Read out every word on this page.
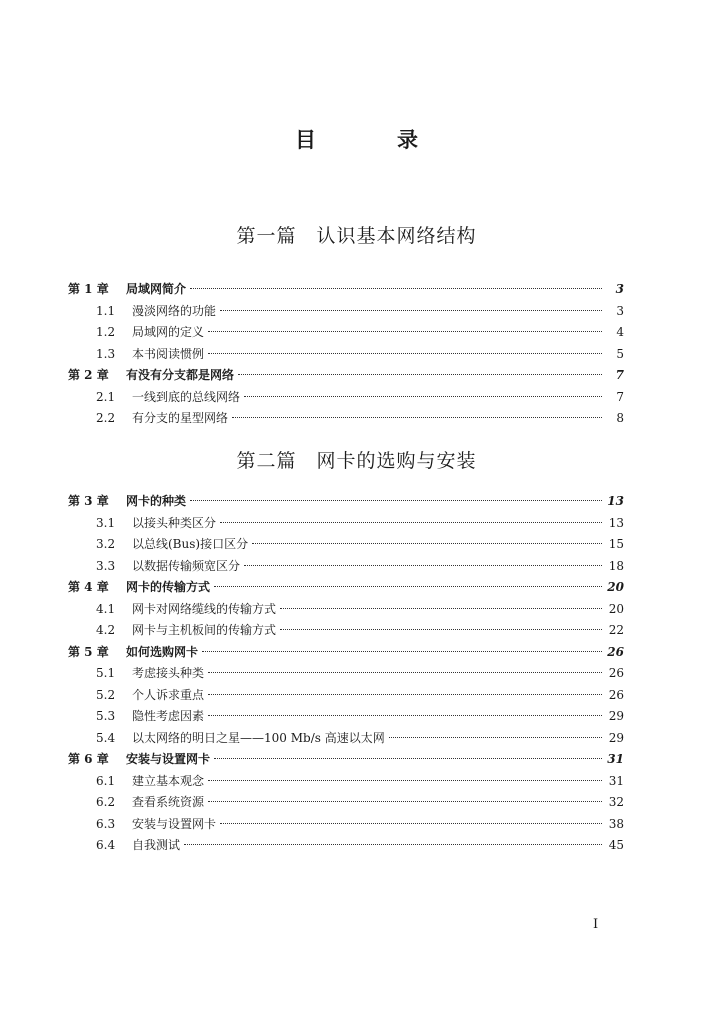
目　录
第一篇　认识基本网络结构
第 1 章	局域网简介	3
1.1	漫淡网络的功能	3
1.2	局域网的定义	4
1.3	本书阅读惯例	5
第 2 章	有没有分支都是网络	7
2.1	一线到底的总线网络	7
2.2	有分支的星型网络	8
第二篇　网卡的选购与安装
第 3 章	网卡的种类	13
3.1	以接头种类区分	13
3.2	以总线(Bus)接口区分	15
3.3	以数据传输频宽区分	18
第 4 章	网卡的传输方式	20
4.1	网卡对网络缆线的传输方式	20
4.2	网卡与主机板间的传输方式	22
第 5 章	如何选购网卡	26
5.1	考虑接头种类	26
5.2	个人诉求重点	26
5.3	隐性考虑因素	29
5.4	以太网络的明日之星——100 Mb/s 高速以太网	29
第 6 章	安装与设置网卡	31
6.1	建立基本观念	31
6.2	查看系统资源	32
6.3	安装与设置网卡	38
6.4	自我测试	45
I
